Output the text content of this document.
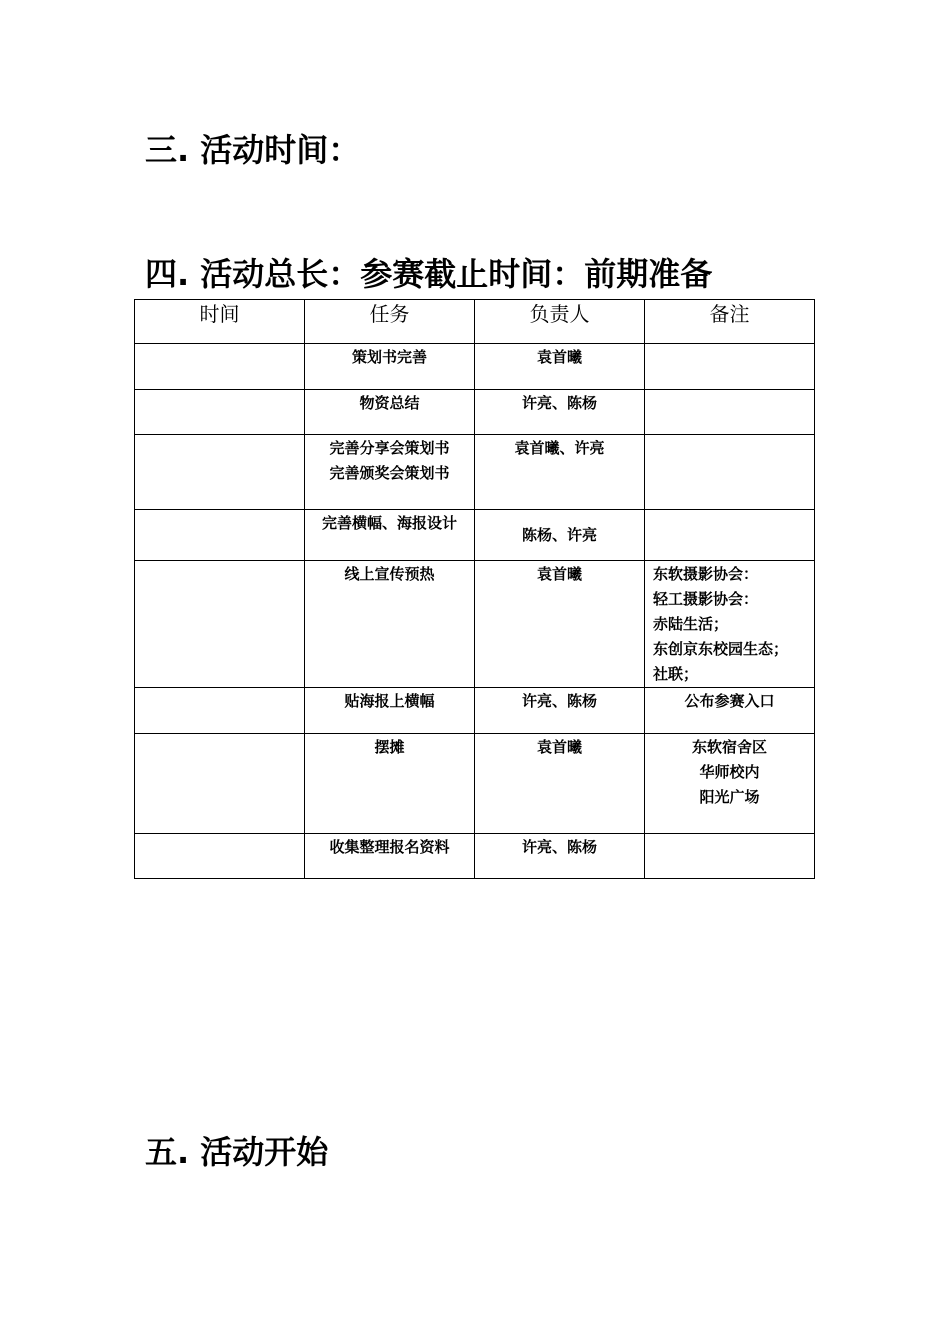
三. 活动时间：
四. 活动总长：参赛截止时间：前期准备
时间	任务	负责人	备注

	策划书完善	袁首曦	

	物资总结	许亮、陈杨	

	完善分享会策划书
完善颁奖会策划书	袁首曦、许亮	

	完善横幅、海报设计	陈杨、许亮	

	线上宣传预热	袁首曦	东软摄影协会：
轻工摄影协会：
赤陆生活；
东创京东校园生态；
社联；

	贴海报上横幅	许亮、陈杨	公布参赛入口

	摆摊	袁首曦	东软宿舍区
华师校内
阳光广场

	收集整理报名资料	许亮、陈杨	
五. 活动开始
